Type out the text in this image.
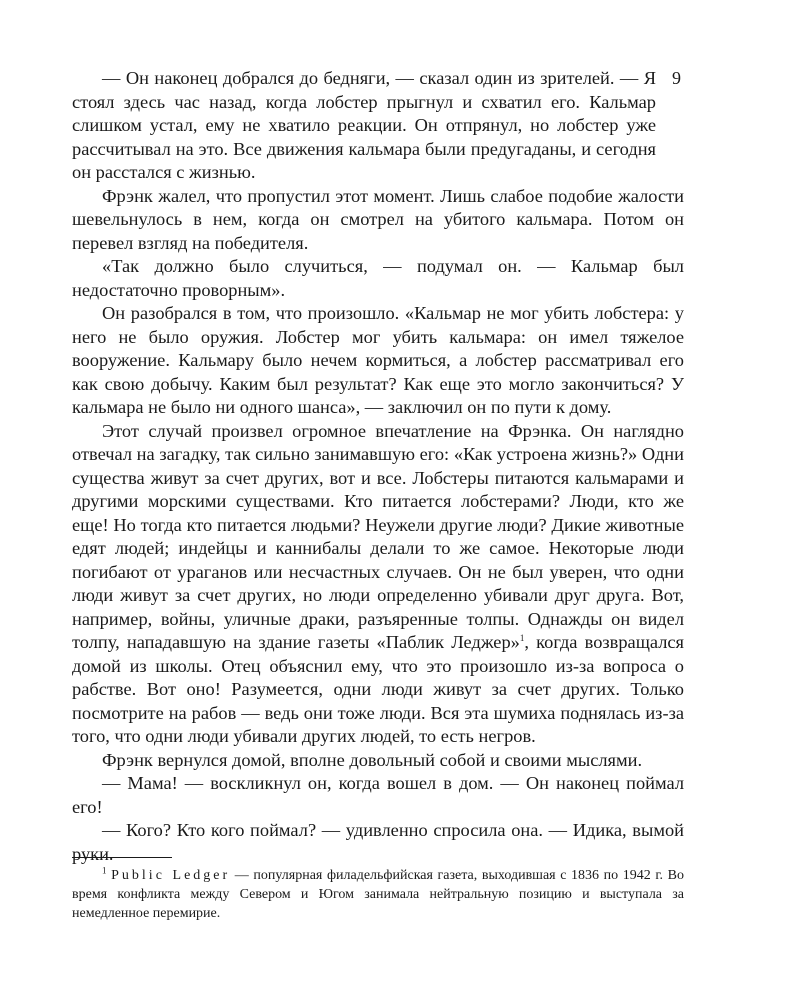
9

— Он наконец добрался до бедняги, — сказал один из зрителей. — Я стоял здесь час назад, когда лобстер прыгнул и схватил его. Кальмар слишком устал, ему не хватило реакции. Он отпрянул, но лобстер уже рассчитывал на это. Все движения кальмара были предугаданы, и сегодня он расстался с жизнью.

Фрэнк жалел, что пропустил этот момент. Лишь слабое подобие жалости шевельнулось в нем, когда он смотрел на убитого кальмара. Потом он перевел взгляд на победителя.

«Так должно было случиться, — подумал он. — Кальмар был недостаточно проворным».

Он разобрался в том, что произошло. «Кальмар не мог убить лобстера: у него не было оружия. Лобстер мог убить кальмара: он имел тяжелое вооружение. Кальмару было нечем кормиться, а лобстер рассматривал его как свою добычу. Каким был результат? Как еще это могло закончиться? У кальмара не было ни одного шанса», — заключил он по пути к дому.

Этот случай произвел огромное впечатление на Фрэнка. Он наглядно отвечал на загадку, так сильно занимавшую его: «Как устроена жизнь?» Одни существа живут за счет других, вот и все. Лобстеры питаются кальмарами и другими морскими существами. Кто питается лобстерами? Люди, кто же еще! Но тогда кто питается людьми? Неужели другие люди? Дикие животные едят людей; индейцы и каннибалы делали то же самое. Некоторые люди погибают от ураганов или несчастных случаев. Он не был уверен, что одни люди живут за счет других, но люди определенно убивали друг друга. Вот, например, войны, уличные драки, разъяренные толпы. Однажды он видел толпу, нападавшую на здание газеты «Паблик Леджер»$^1$, когда возвращался домой из школы. Отец объяснил ему, что это произошло из-за вопроса о рабстве. Вот оно! Разумеется, одни люди живут за счет других. Только посмотрите на рабов — ведь они тоже люди. Вся эта шумиха поднялась из-за того, что одни люди убивали других людей, то есть негров.

Фрэнк вернулся домой, вполне довольный собой и своими мыслями.

— Мама! — воскликнул он, когда вошел в дом. — Он наконец поймал его!

— Кого? Кто кого поймал? — удивленно спросила она. — Идика, вымой руки.

$^1$ Public Ledger — популярная филадельфийская газета, выходившая с 1836 по 1942 г. Во время конфликта между Севером и Югом занимала нейтральную позицию и выступала за немедленное перемирие.
